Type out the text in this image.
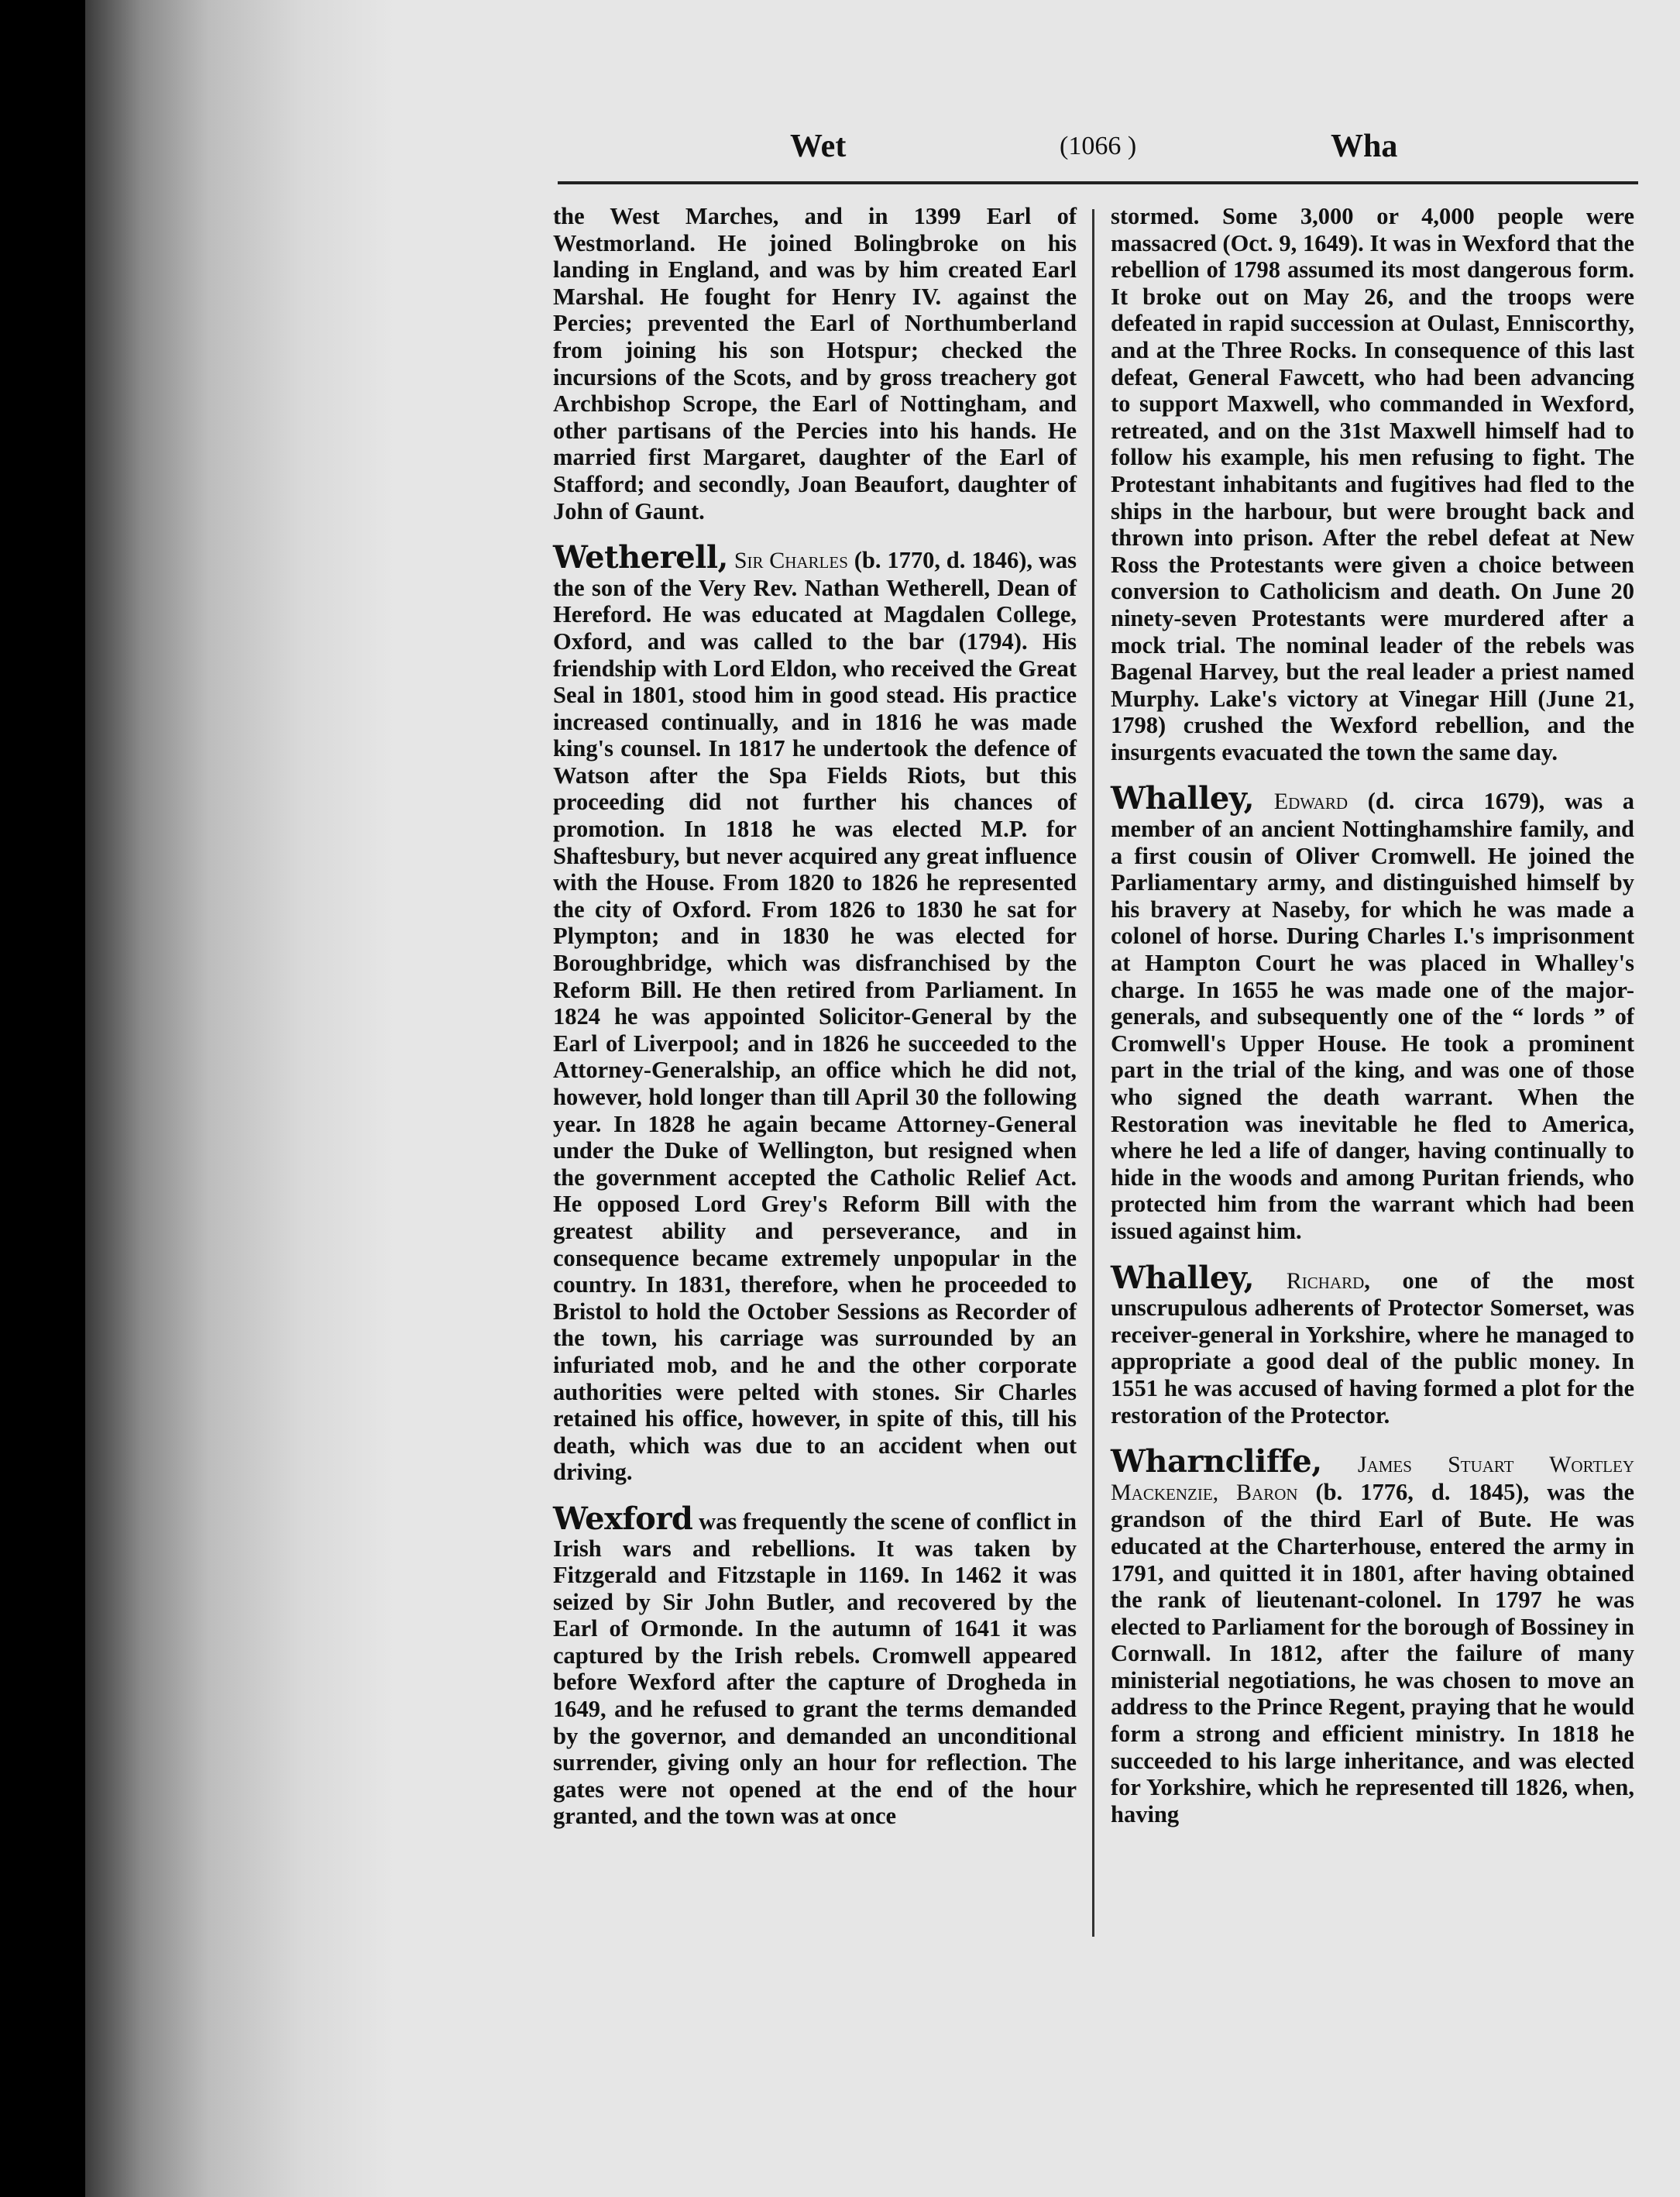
Wet	(1066 )	Wha

the West Marches, and in 1399 Earl of Westmorland. He joined Bolingbroke on his landing in England, and was by him created Earl Marshal. He fought for Henry IV. against the Percies; prevented the Earl of Northumberland from joining his son Hotspur; checked the incursions of the Scots, and by gross treachery got Archbishop Scrope, the Earl of Nottingham, and other partisans of the Percies into his hands. He married first Margaret, daughter of the Earl of Stafford; and secondly, Joan Beaufort, daughter of John of Gaunt.

Wetherell, Sir Charles (b. 1770, d. 1846), was the son of the Very Rev. Nathan Wetherell, Dean of Hereford. He was educated at Magdalen College, Oxford, and was called to the bar (1794). His friendship with Lord Eldon, who received the Great Seal in 1801, stood him in good stead. His practice increased continually, and in 1816 he was made king's counsel. In 1817 he undertook the defence of Watson after the Spa Fields Riots, but this proceeding did not further his chances of promotion. In 1818 he was elected M.P. for Shaftesbury, but never acquired any great influence with the House. From 1820 to 1826 he represented the city of Oxford. From 1826 to 1830 he sat for Plympton; and in 1830 he was elected for Boroughbridge, which was disfranchised by the Reform Bill. He then retired from Parliament. In 1824 he was appointed Solicitor-General by the Earl of Liverpool; and in 1826 he succeeded to the Attorney-Generalship, an office which he did not, however, hold longer than till April 30 the following year. In 1828 he again became Attorney-General under the Duke of Wellington, but resigned when the government accepted the Catholic Relief Act. He opposed Lord Grey's Reform Bill with the greatest ability and perseverance, and in consequence became extremely unpopular in the country. In 1831, therefore, when he proceeded to Bristol to hold the October Sessions as Recorder of the town, his carriage was surrounded by an infuriated mob, and he and the other corporate authorities were pelted with stones. Sir Charles retained his office, however, in spite of this, till his death, which was due to an accident when out driving.

Wexford was frequently the scene of conflict in Irish wars and rebellions. It was taken by Fitzgerald and Fitzstaple in 1169. In 1462 it was seized by Sir John Butler, and recovered by the Earl of Ormonde. In the autumn of 1641 it was captured by the Irish rebels. Cromwell appeared before Wexford after the capture of Drogheda in 1649, and he refused to grant the terms demanded by the governor, and demanded an unconditional surrender, giving only an hour for reflection. The gates were not opened at the end of the hour granted, and the town was at once

stormed. Some 3,000 or 4,000 people were massacred (Oct. 9, 1649). It was in Wexford that the rebellion of 1798 assumed its most dangerous form. It broke out on May 26, and the troops were defeated in rapid succession at Oulast, Enniscorthy, and at the Three Rocks. In consequence of this last defeat, General Fawcett, who had been advancing to support Maxwell, who commanded in Wexford, retreated, and on the 31st Maxwell himself had to follow his example, his men refusing to fight. The Protestant inhabitants and fugitives had fled to the ships in the harbour, but were brought back and thrown into prison. After the rebel defeat at New Ross the Protestants were given a choice between conversion to Catholicism and death. On June 20 ninety-seven Protestants were murdered after a mock trial. The nominal leader of the rebels was Bagenal Harvey, but the real leader a priest named Murphy. Lake's victory at Vinegar Hill (June 21, 1798) crushed the Wexford rebellion, and the insurgents evacuated the town the same day.

Whalley, Edward (d. circa 1679), was a member of an ancient Nottinghamshire family, and a first cousin of Oliver Cromwell. He joined the Parliamentary army, and distinguished himself by his bravery at Naseby, for which he was made a colonel of horse. During Charles I.'s imprisonment at Hampton Court he was placed in Whalley's charge. In 1655 he was made one of the major-generals, and subsequently one of the “ lords ” of Cromwell's Upper House. He took a prominent part in the trial of the king, and was one of those who signed the death warrant. When the Restoration was inevitable he fled to America, where he led a life of danger, having continually to hide in the woods and among Puritan friends, who protected him from the warrant which had been issued against him.

Whalley, Richard, one of the most unscrupulous adherents of Protector Somerset, was receiver-general in Yorkshire, where he managed to appropriate a good deal of the public money. In 1551 he was accused of having formed a plot for the restoration of the Protector.

Wharncliffe, James Stuart Wortley Mackenzie, Baron (b. 1776, d. 1845), was the grandson of the third Earl of Bute. He was educated at the Charterhouse, entered the army in 1791, and quitted it in 1801, after having obtained the rank of lieutenant-colonel. In 1797 he was elected to Parliament for the borough of Bossiney in Cornwall. In 1812, after the failure of many ministerial negotiations, he was chosen to move an address to the Prince Regent, praying that he would form a strong and efficient ministry. In 1818 he succeeded to his large inheritance, and was elected for Yorkshire, which he represented till 1826, when, having
